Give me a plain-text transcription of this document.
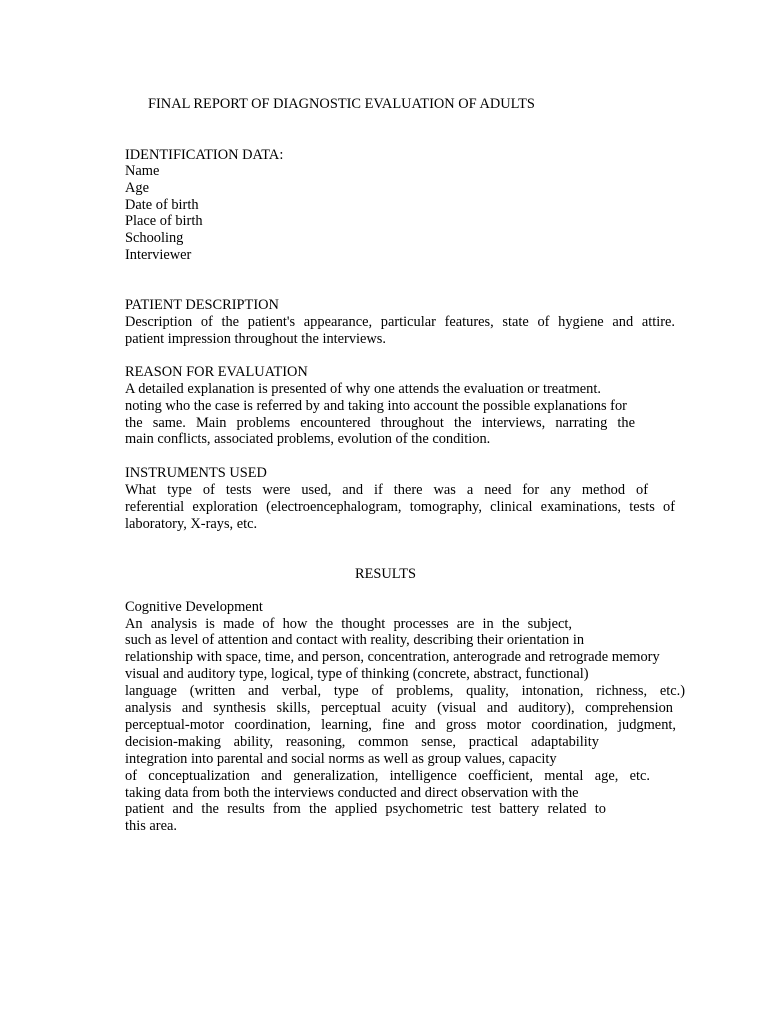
FINAL REPORT OF DIAGNOSTIC EVALUATION OF ADULTS
IDENTIFICATION DATA:
Name
Age
Date of birth
Place of birth
Schooling
Interviewer
PATIENT DESCRIPTION
Description of the patient's appearance, particular features, state of hygiene and attire.
patient impression throughout the interviews.
REASON FOR EVALUATION
A detailed explanation is presented of why one attends the evaluation or treatment.
noting who the case is referred by and taking into account the possible explanations for
the same. Main problems encountered throughout the interviews, narrating the
main conflicts, associated problems, evolution of the condition.
INSTRUMENTS USED
What type of tests were used, and if there was a need for any method of
referential exploration (electroencephalogram, tomography, clinical examinations, tests of
laboratory, X-rays, etc.
RESULTS
Cognitive Development
An analysis is made of how the thought processes are in the subject,
such as level of attention and contact with reality, describing their orientation in
relationship with space, time, and person, concentration, anterograde and retrograde memory
visual and auditory type, logical, type of thinking (concrete, abstract, functional)
language (written and verbal, type of problems, quality, intonation, richness, etc.)
analysis and synthesis skills, perceptual acuity (visual and auditory), comprehension
perceptual-motor coordination, learning, fine and gross motor coordination, judgment,
decision-making ability, reasoning, common sense, practical adaptability
integration into parental and social norms as well as group values, capacity
of conceptualization and generalization, intelligence coefficient, mental age, etc.
taking data from both the interviews conducted and direct observation with the
patient and the results from the applied psychometric test battery related to
this area.
